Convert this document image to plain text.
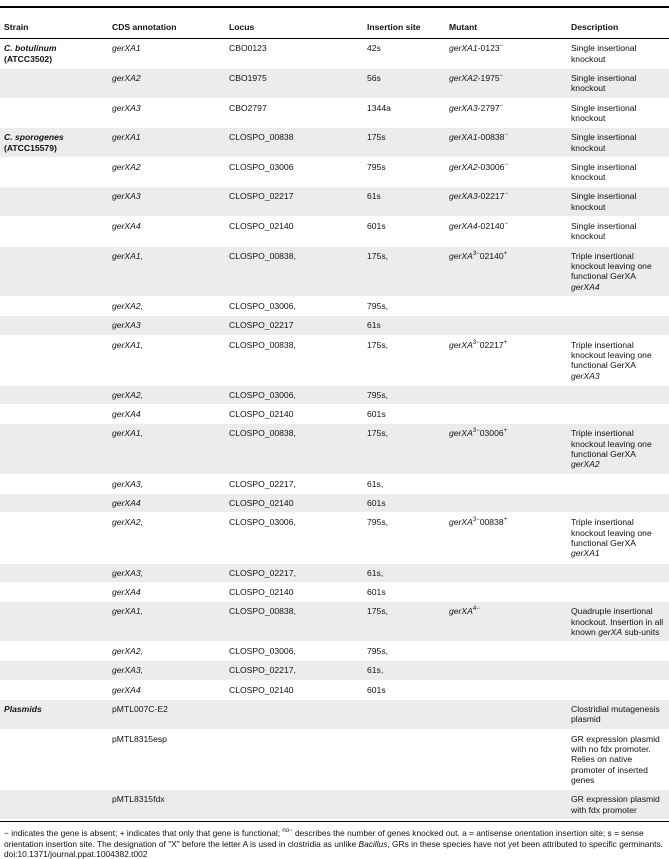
Strain	CDS annotation	Locus	Insertion site	Mutant	Description
C. botulinum
(ATCC3502)	gerXA1	CBO0123	42s	gerXA1-0123−	Single insertional knockout
	gerXA2	CBO1975	56s	gerXA2-1975−	Single insertional knockout
	gerXA3	CBO2797	1344a	gerXA3-2797−	Single insertional knockout
C. sporogenes
(ATCC15579)	gerXA1	CLOSPO_00838	175s	gerXA1-00838−	Single insertional knockout
	gerXA2	CLOSPO_03006	795s	gerXA2-03006−	Single insertional knockout
	gerXA3	CLOSPO_02217	61s	gerXA3-02217−	Single insertional knockout
	gerXA4	CLOSPO_02140	601s	gerXA4-02140−	Single insertional knockout
	gerXA1,	CLOSPO_00838,	175s,	gerXA$^{3-}$02140+	Triple insertional knockout leaving one functional GerXA gerXA4
	gerXA2,	CLOSPO_03006,	795s,		
	gerXA3	CLOSPO_02217	61s		
	gerXA1,	CLOSPO_00838,	175s,	gerXA$^{3-}$02217+	Triple insertional knockout leaving one functional GerXA gerXA3
	gerXA2,	CLOSPO_03006,	795s,		
	gerXA4	CLOSPO_02140	601s		
	gerXA1,	CLOSPO_00838,	175s,	gerXA$^{3-}$03006+	Triple insertional knockout leaving one functional GerXA gerXA2
	gerXA3,	CLOSPO_02217,	61s,		
	gerXA4	CLOSPO_02140	601s		
	gerXA2,	CLOSPO_03006,	795s,	gerXA$^{3-}$00838+	Triple insertional knockout leaving one functional GerXA gerXA1
	gerXA3,	CLOSPO_02217,	61s,		
	gerXA4	CLOSPO_02140	601s		
	gerXA1,	CLOSPO_00838,	175s,	gerXA$^{4-}$	Quadruple insertional knockout. Insertion in all known gerXA sub-units
	gerXA2,	CLOSPO_03006,	795s,		
	gerXA3,	CLOSPO_02217,	61s,		
	gerXA4	CLOSPO_02140	601s		
Plasmids	pMTL007C-E2				Clostridial mutagenesis plasmid
	pMTL8315esp				GR expression plasmid with no fdx promoter. Relies on native promoter of inserted genes
	pMTL8315fdx				GR expression plasmid with fdx promoter
− indicates the gene is absent; + indicates that only that gene is functional; $^{no-}$ describes the number of genes knocked out. a = antisense orientation insertion site; s = sense orientation insertion site. The designation of "X" before the letter A is used in clostridia as unlike Bacillus, GRs in these species have not yet been attributed to specific germinants.
doi:10.1371/journal.ppat.1004382.t002
